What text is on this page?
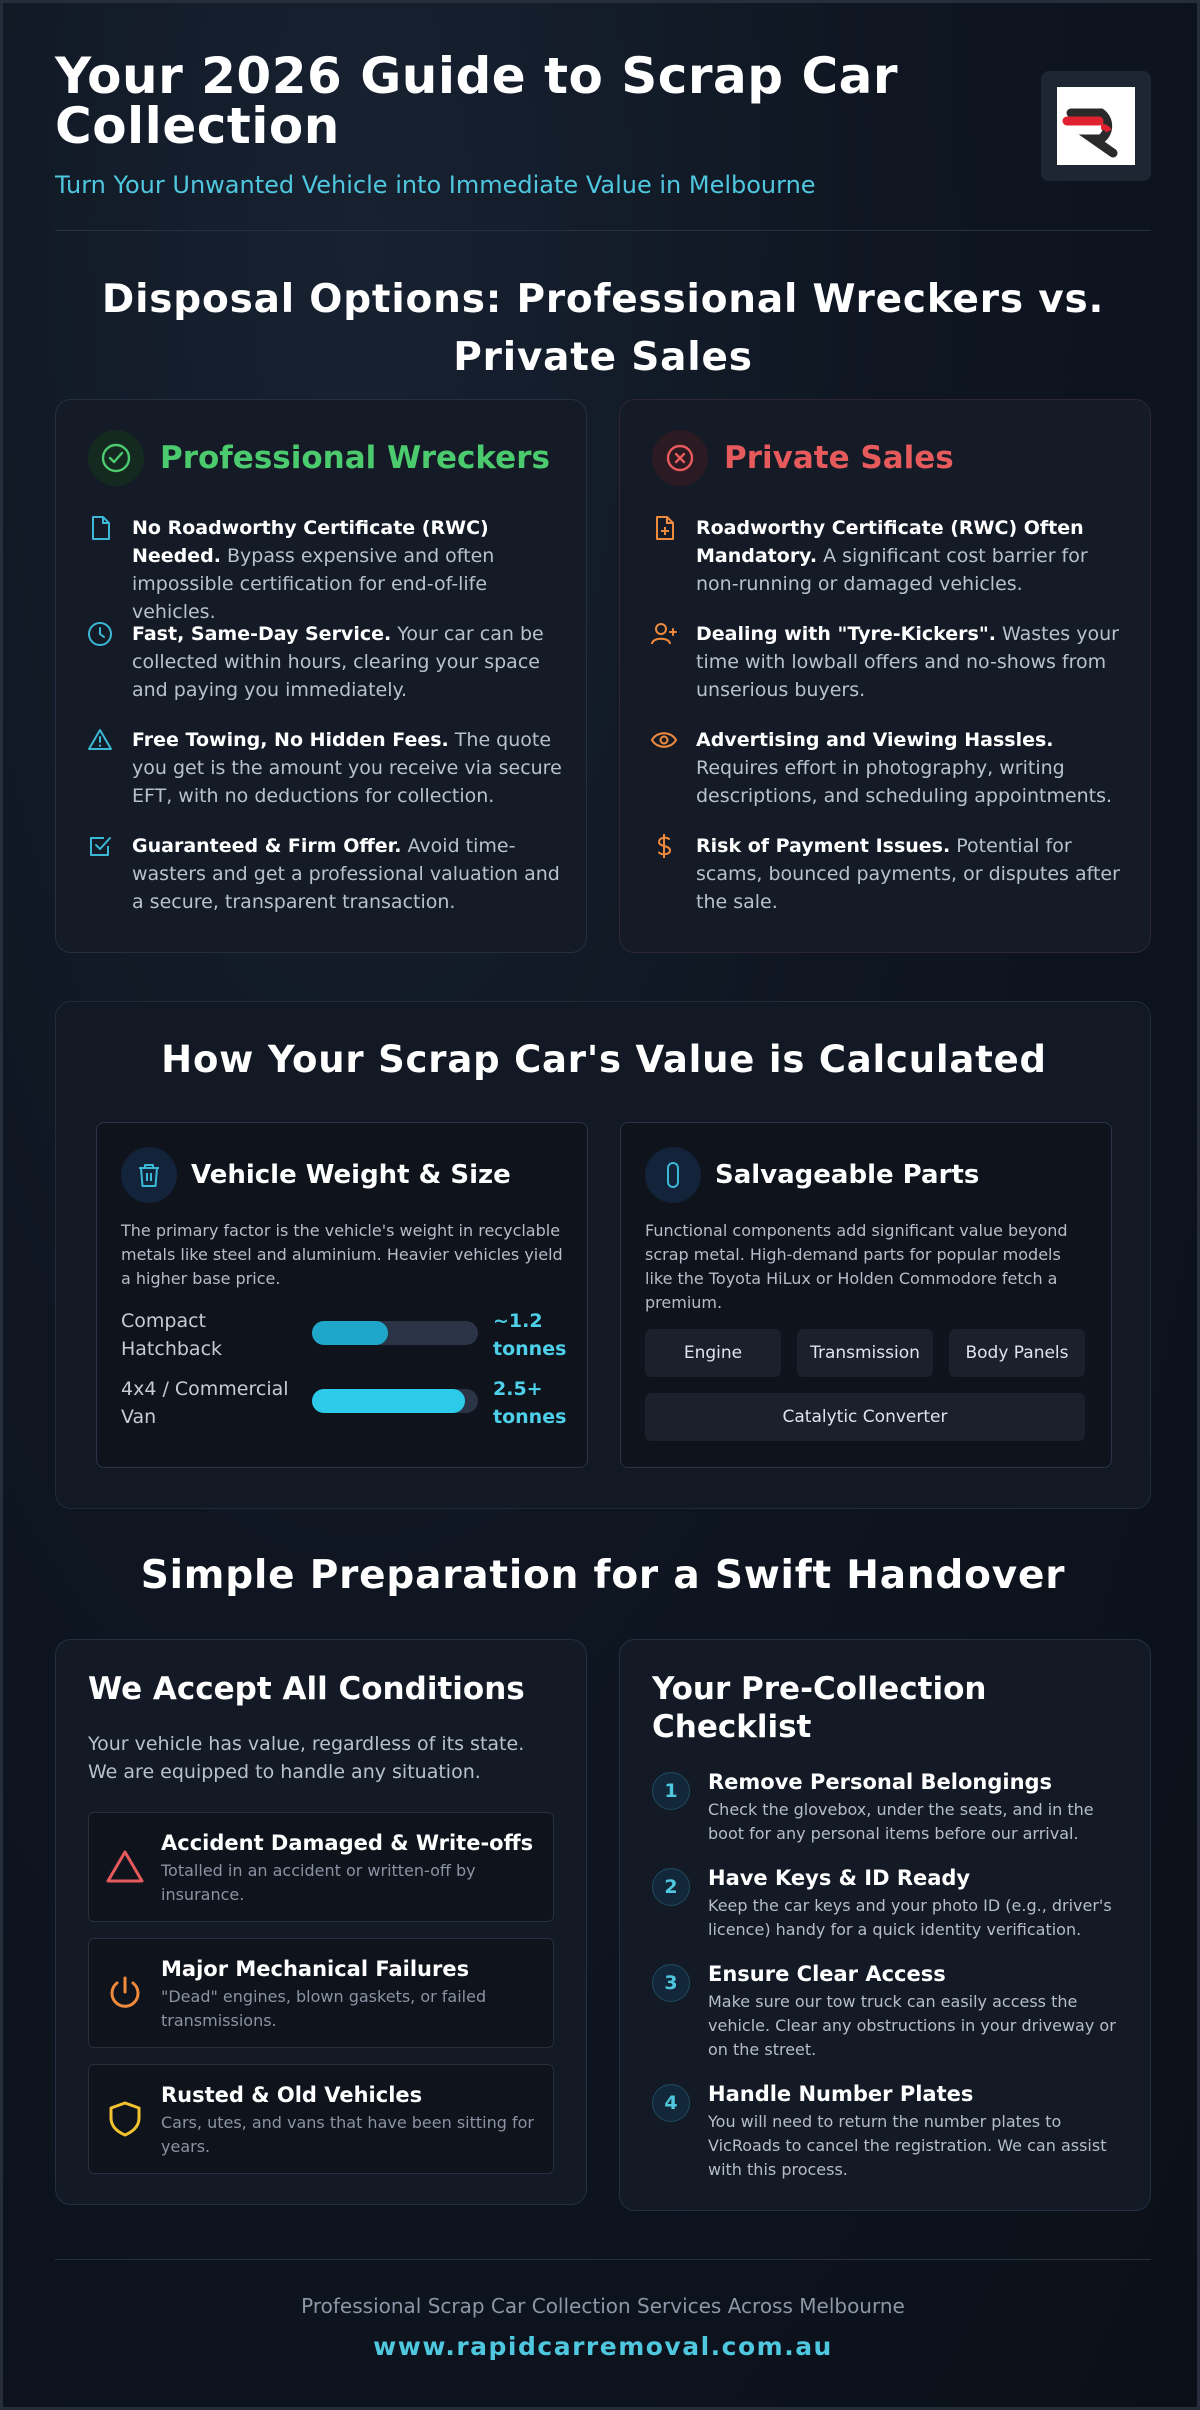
Your 2026 Guide to Scrap Car Collection
Turn Your Unwanted Vehicle into Immediate Value in Melbourne
Disposal Options: Professional Wreckers vs. Private Sales
Professional Wreckers
No Roadworthy Certificate (RWC) Needed. Bypass expensive and often impossible certification for end-of-life vehicles.
Fast, Same-Day Service. Your car can be collected within hours, clearing your space and paying you immediately.
Free Towing, No Hidden Fees. The quote you get is the amount you receive via secure EFT, with no deductions for collection.
Guaranteed & Firm Offer. Avoid time-wasters and get a professional valuation and a secure, transparent transaction.
Private Sales
Roadworthy Certificate (RWC) Often Mandatory. A significant cost barrier for non-running or damaged vehicles.
Dealing with "Tyre-Kickers". Wastes your time with lowball offers and no-shows from unserious buyers.
Advertising and Viewing Hassles. Requires effort in photography, writing descriptions, and scheduling appointments.
Risk of Payment Issues. Potential for scams, bounced payments, or disputes after the sale.
How Your Scrap Car's Value is Calculated
Vehicle Weight & Size
The primary factor is the vehicle's weight in recyclable metals like steel and aluminium. Heavier vehicles yield a higher base price.
Compact Hatchback
~1.2 tonnes
4x4 / Commercial Van
2.5+ tonnes
Salvageable Parts
Functional components add significant value beyond scrap metal. High-demand parts for popular models like the Toyota HiLux or Holden Commodore fetch a premium.
Engine	Transmission	Body Panels
Catalytic Converter
Simple Preparation for a Swift Handover
We Accept All Conditions
Your vehicle has value, regardless of its state. We are equipped to handle any situation.
Accident Damaged & Write-offs

Totalled in an accident or written-off by insurance.

Major Mechanical Failures

"Dead" engines, blown gaskets, or failed transmissions.

Rusted & Old Vehicles

Cars, utes, and vans that have been sitting for years.

Your Pre-Collection Checklist
1	Remove Personal Belongings

Check the glovebox, under the seats, and in the boot for any personal items before our arrival.

2	Have Keys & ID Ready

Keep the car keys and your photo ID (e.g., driver's licence) handy for a quick identity verification.

3	Ensure Clear Access

Make sure our tow truck can easily access the vehicle. Clear any obstructions in your driveway or on the street.

4	Handle Number Plates

You will need to return the number plates to VicRoads to cancel the registration. We can assist with this process.

Professional Scrap Car Collection Services Across Melbourne
www.rapidcarremoval.com.au
